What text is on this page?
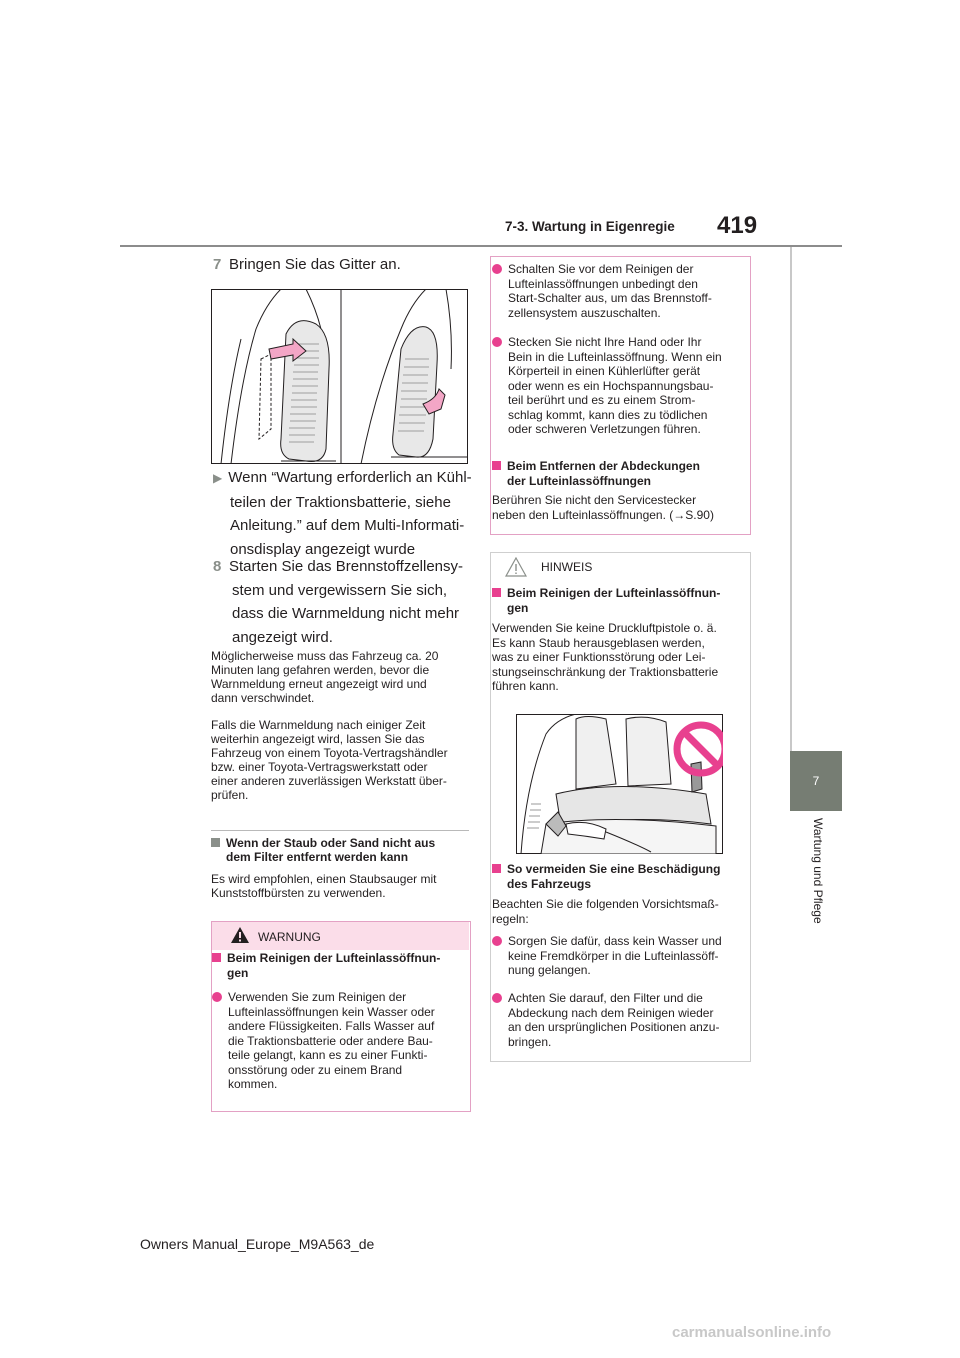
7-3. Wartung in Eigenregie	419
7
Wartung und Pflege
7 Bringen Sie das Gitter an.
▶ Wenn “Wartung erforderlich an Kühl-
teilen der Traktionsbatterie, siehe
Anleitung.” auf dem Multi-Informati-
onsdisplay angezeigt wurde
8 Starten Sie das Brennstoffzellensy-
stem und vergewissern Sie sich,
dass die Warnmeldung nicht mehr
angezeigt wird.
Möglicherweise muss das Fahrzeug ca. 20
Minuten lang gefahren werden, bevor die
Warnmeldung erneut angezeigt wird und
dann verschwindet.
Falls die Warnmeldung nach einiger Zeit
weiterhin angezeigt wird, lassen Sie das
Fahrzeug von einem Toyota-Vertragshändler
bzw. einer Toyota-Vertragswerkstatt oder
einer anderen zuverlässigen Werkstatt über-
prüfen.
Wenn der Staub oder Sand nicht aus
dem Filter entfernt werden kann
Es wird empfohlen, einen Staubsauger mit
Kunststoffbürsten zu verwenden.
WARNUNG
Beim Reinigen der Lufteinlassöffnun-
gen
Verwenden Sie zum Reinigen der
Lufteinlassöffnungen kein Wasser oder
andere Flüssigkeiten. Falls Wasser auf
die Traktionsbatterie oder andere Bau-
teile gelangt, kann es zu einer Funkti-
onsstörung oder zu einem Brand
kommen.
Schalten Sie vor dem Reinigen der
Lufteinlassöffnungen unbedingt den
Start-Schalter aus, um das Brennstoff-
zellensystem auszuschalten.
Stecken Sie nicht Ihre Hand oder Ihr
Bein in die Lufteinlassöffnung. Wenn ein
Körperteil in einen Kühlerlüfter gerät
oder wenn es ein Hochspannungsbau-
teil berührt und es zu einem Strom-
schlag kommt, kann dies zu tödlichen
oder schweren Verletzungen führen.
Beim Entfernen der Abdeckungen
der Lufteinlassöffnungen
Berühren Sie nicht den Servicestecker
neben den Lufteinlassöffnungen. (→S.90)
HINWEIS
Beim Reinigen der Lufteinlassöffnun-
gen
Verwenden Sie keine Druckluftpistole o. ä.
Es kann Staub herausgeblasen werden,
was zu einer Funktionsstörung oder Lei-
stungseinschränkung der Traktionsbatterie
führen kann.
So vermeiden Sie eine Beschädigung
des Fahrzeugs
Beachten Sie die folgenden Vorsichtsmaß-
regeln:
Sorgen Sie dafür, dass kein Wasser und
keine Fremdkörper in die Lufteinlassöff-
nung gelangen.
Achten Sie darauf, den Filter und die
Abdeckung nach dem Reinigen wieder
an den ursprünglichen Positionen anzu-
bringen.
Owners Manual_Europe_M9A563_de
carmanualsonline.info
